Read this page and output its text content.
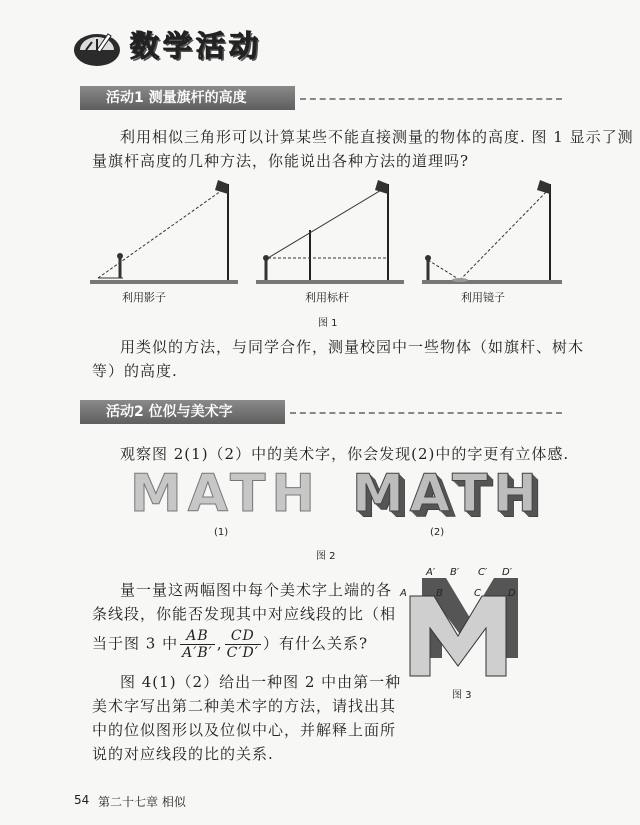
数学活动
活动1 测量旗杆的高度
利用相似三角形可以计算某些不能直接测量的物体的高度. 图 1 显示了测
量旗杆高度的几种方法，你能说出各种方法的道理吗?
利用影子	利用标杆	利用镜子
图 1
用类似的方法，与同学合作，测量校园中一些物体（如旗杆、树木
等）的高度.
活动2 位似与美术字
观察图 2(1)（2）中的美术字，你会发现(2)中的字更有立体感.
MATH MATH
(1)	(2)
图 2
量一量这两幅图中每个美术字上端的各
条线段，你能否发现其中对应线段的比（相
当于图 3 中 $\frac{AB}{A'B'}$ , $\frac{CD}{C'D'}$ ）有什么关系?
图 4(1)（2）给出一种图 2 中由第一种
美术字写出第二种美术字的方法，请找出其
中的位似图形以及位似中心，并解释上面所
说的对应线段的比的关系.
A′ B′ C′ D′
A	B	C	D
图 3
54 第二十七章 相似
